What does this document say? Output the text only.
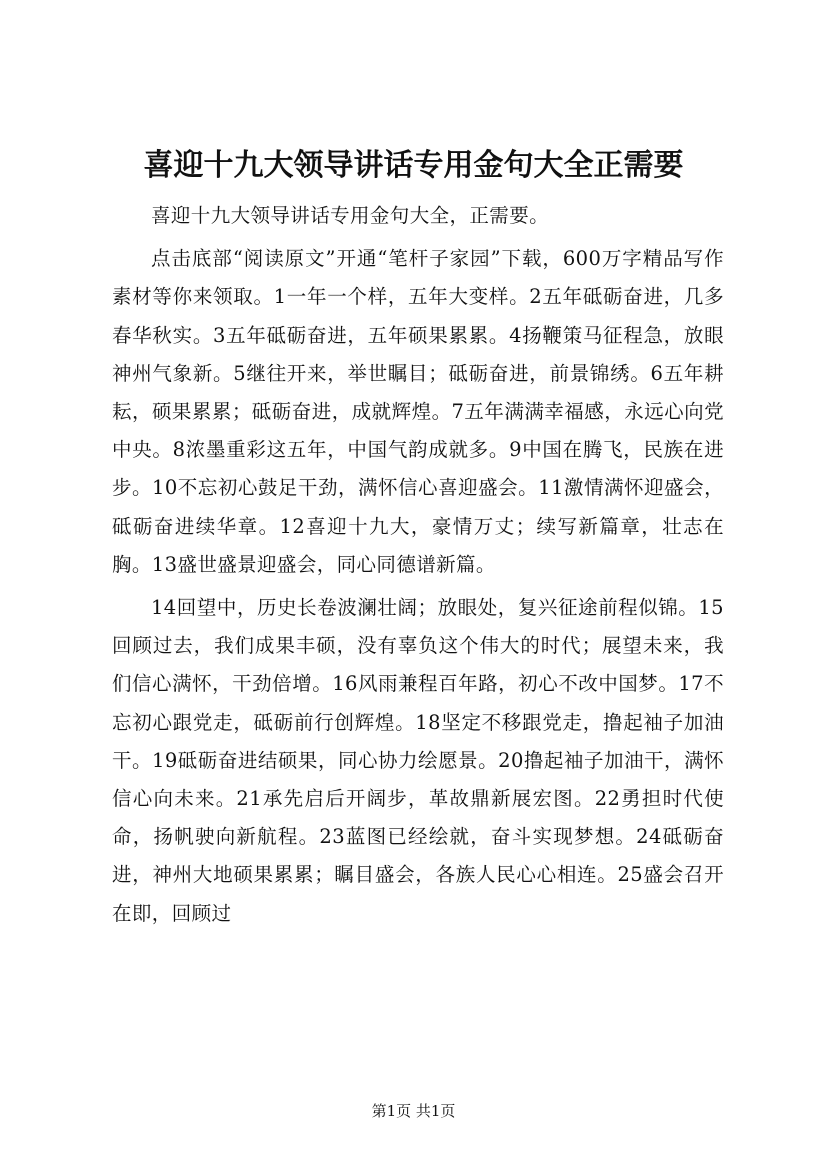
喜迎十九大领导讲话专用金句大全正需要

喜迎十九大领导讲话专用金句大全，正需要。

点击底部“阅读原文”开通“笔杆子家园”下载，600万字精品写作素材等你来领取。1一年一个样，五年大变样。2五年砥砺奋进，几多春华秋实。3五年砥砺奋进，五年硕果累累。4扬鞭策马征程急，放眼神州气象新。5继往开来，举世瞩目；砥砺奋进，前景锦绣。6五年耕耘，硕果累累；砥砺奋进，成就辉煌。7五年满满幸福感，永远心向党中央。8浓墨重彩这五年，中国气韵成就多。9中国在腾飞，民族在进步。10不忘初心鼓足干劲，满怀信心喜迎盛会。11激情满怀迎盛会，砥砺奋进续华章。12喜迎十九大，豪情万丈；续写新篇章，壮志在胸。13盛世盛景迎盛会，同心同德谱新篇。

14回望中，历史长卷波澜壮阔；放眼处，复兴征途前程似锦。15回顾过去，我们成果丰硕，没有辜负这个伟大的时代；展望未来，我们信心满怀，干劲倍增。16风雨兼程百年路，初心不改中国梦。17不忘初心跟党走，砥砺前行创辉煌。18坚定不移跟党走，撸起袖子加油干。19砥砺奋进结硕果，同心协力绘愿景。20撸起袖子加油干，满怀信心向未来。21承先启后开阔步，革故鼎新展宏图。22勇担时代使命，扬帆驶向新航程。23蓝图已经绘就，奋斗实现梦想。24砥砺奋进，神州大地硕果累累；瞩目盛会，各族人民心心相连。25盛会召开在即，回顾过

第1页 共1页
